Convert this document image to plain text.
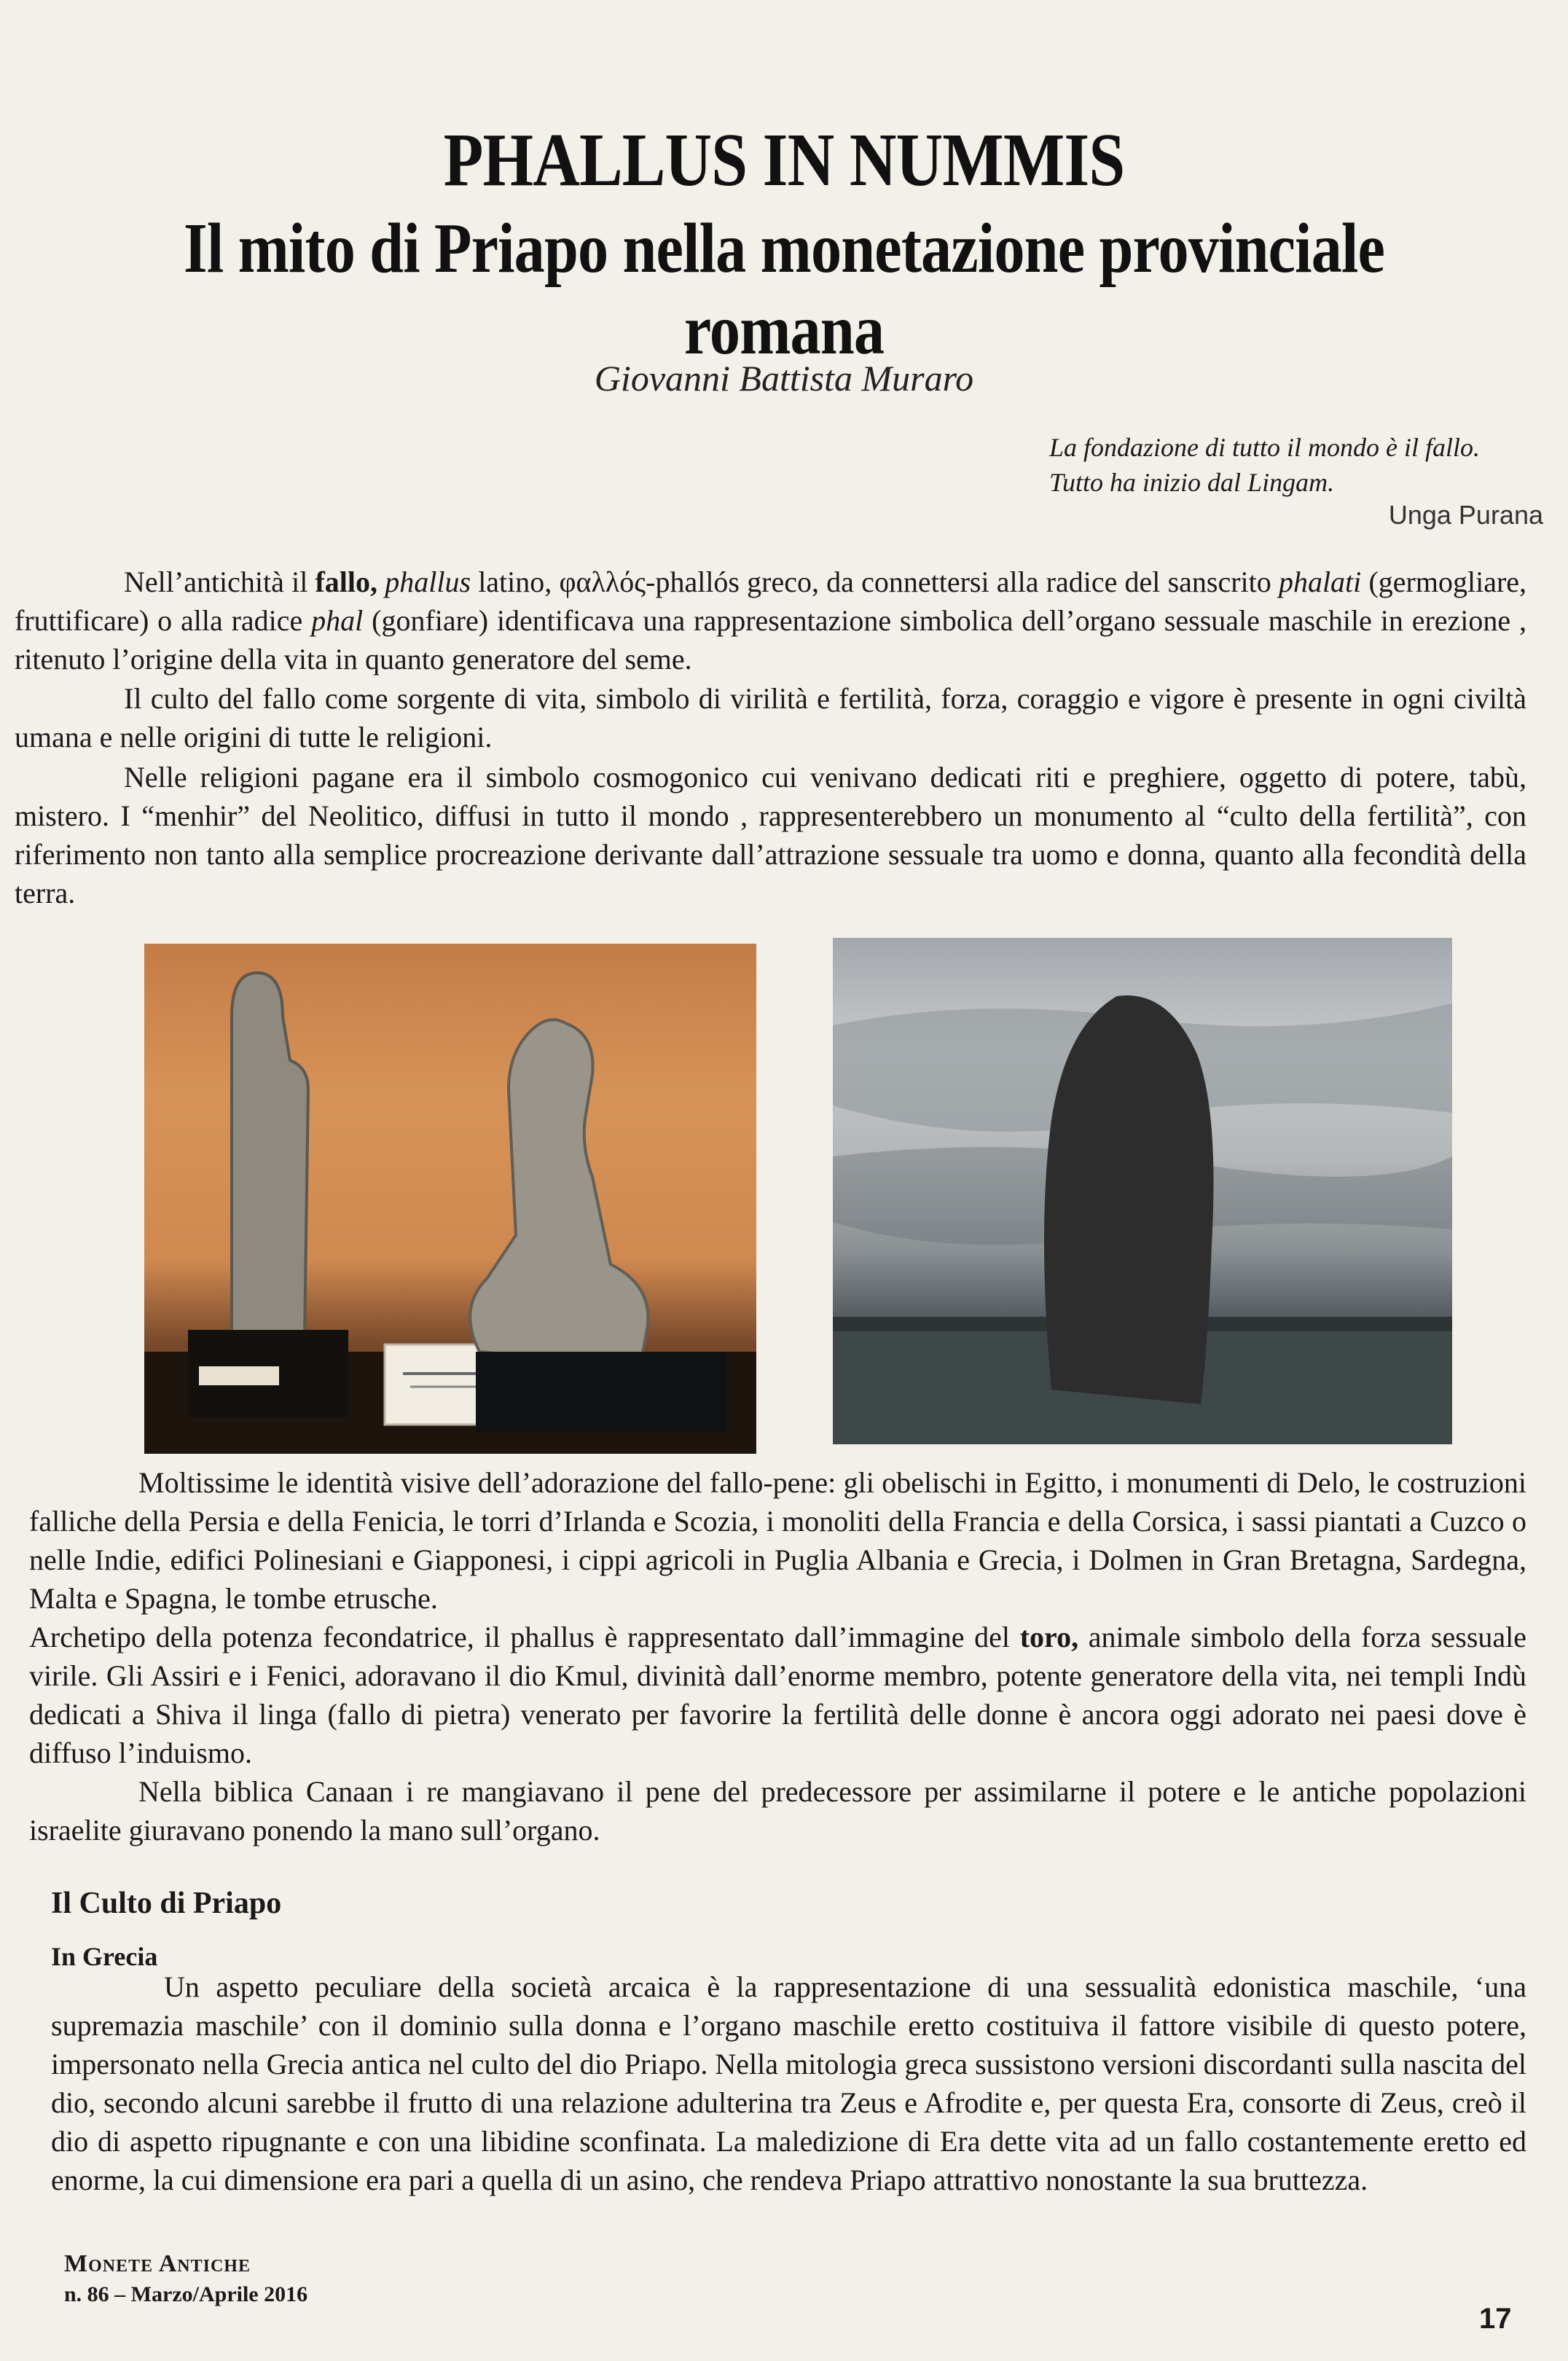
PHALLUS IN NUMMIS
Il mito di Priapo nella monetazione provinciale romana
Giovanni Battista Muraro
La fondazione di tutto il mondo è il fallo.
Tutto ha inizio dal Lingam.
Unga Purana

Nell’antichità il fallo, phallus latino, φαλλός-phallós greco, da connettersi alla radice del sanscrito phalati (germogliare, fruttificare) o alla radice phal (gonfiare) identificava una rappresentazione simbolica dell’organo sessuale maschile in erezione , ritenuto l’origine della vita in quanto generatore del seme.

Il culto del fallo come sorgente di vita, simbolo di virilità e fertilità, forza, coraggio e vigore è presente in ogni civiltà umana e nelle origini di tutte le religioni.

Nelle religioni pagane era il simbolo cosmogonico cui venivano dedicati riti e preghiere, oggetto di potere, tabù, mistero. I “menhir” del Neolitico, diffusi in tutto il mondo , rappresenterebbero un monumento al “culto della fertilità”, con riferimento non tanto alla semplice procreazione derivante dall’attrazione sessuale tra uomo e donna, quanto alla fecondità della terra.

Moltissime le identità visive dell’adorazione del fallo-pene: gli obelischi in Egitto, i monumenti di Delo, le costruzioni falliche della Persia e della Fenicia, le torri d’Irlanda e Scozia, i monoliti della Francia e della Corsica, i sassi piantati a Cuzco o nelle Indie, edifici Polinesiani e Giapponesi, i cippi agricoli in Puglia Albania e Grecia, i Dolmen in Gran Bretagna, Sardegna, Malta e Spagna, le tombe etrusche.

Archetipo della potenza fecondatrice, il phallus è rappresentato dall’immagine del toro, animale simbolo della forza sessuale virile. Gli Assiri e i Fenici, adoravano il dio Kmul, divinità dall’enorme membro, potente generatore della vita, nei templi Indù dedicati a Shiva il linga (fallo di pietra) venerato per favorire la fertilità delle donne è ancora oggi adorato nei paesi dove è diffuso l’induismo.

Nella biblica Canaan i re mangiavano il pene del predecessore per assimilarne il potere e le antiche popolazioni israelite giuravano ponendo la mano sull’organo.

Il Culto di Priapo
In Grecia

Un aspetto peculiare della società arcaica è la rappresentazione di una sessualità edonistica maschile, ‘una supremazia maschile’ con il dominio sulla donna e l’organo maschile eretto costituiva il fattore visibile di questo potere, impersonato nella Grecia antica nel culto del dio Priapo. Nella mitologia greca sussistono versioni discordanti sulla nascita del dio, secondo alcuni sarebbe il frutto di una relazione adulterina tra Zeus e Afrodite e, per questa Era, consorte di Zeus, creò il dio di aspetto ripugnante e con una libidine sconfinata. La maledizione di Era dette vita ad un fallo costantemente eretto ed enorme, la cui dimensione era pari a quella di un asino, che rendeva Priapo attrattivo nonostante la sua bruttezza.

Monete Antiche
n. 86 – Marzo/Aprile 2016
17
